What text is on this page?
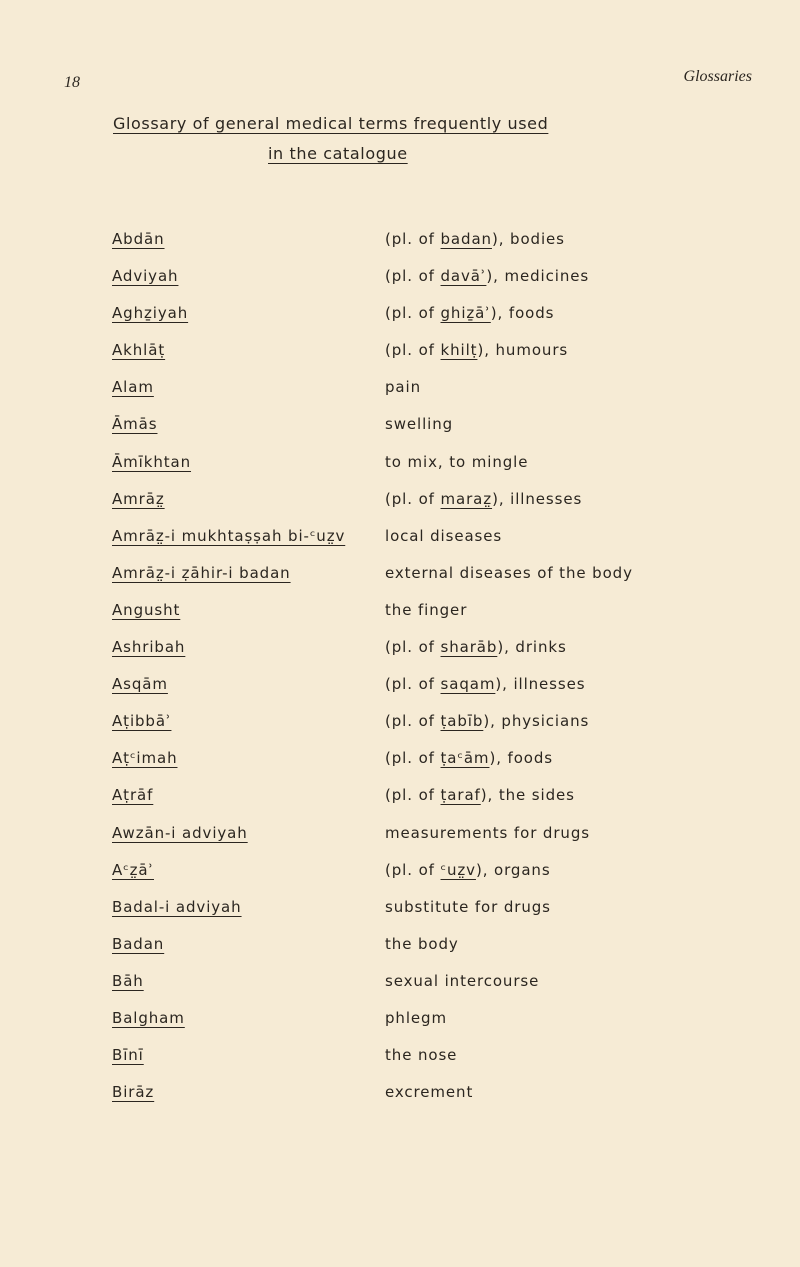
18	Glossaries
Glossary of general medical terms frequently used
in the catalogue
Abdān	(pl. of badan), bodies
Adviyah	(pl. of davāʾ), medicines
Aghẕiyah	(pl. of ghiẕāʾ), foods
Akhlāṭ	(pl. of khilṭ), humours
Alam	pain
Āmās	swelling
Āmīkhtan	to mix, to mingle
Amrāz̤	(pl. of maraz̤), illnesses
Amrāz̤-i mukhtaṣṣah bi-ᶜuz̤v	local diseases
Amrāz̤-i ẓāhir-i badan	external diseases of the body
Angusht	the finger
Ashribah	(pl. of sharāb), drinks
Asqām	(pl. of saqam), illnesses
Aṭibbāʾ	(pl. of ṭabīb), physicians
Aṭᶜimah	(pl. of ṭaᶜām), foods
Aṭrāf	(pl. of ṭaraf), the sides
Awzān-i adviyah	measurements for drugs
Aᶜz̤āʾ	(pl. of ᶜuz̤v), organs
Badal-i adviyah	substitute for drugs
Badan	the body
Bāh	sexual intercourse
Balgham	phlegm
Bīnī	the nose
Birāz	excrement
